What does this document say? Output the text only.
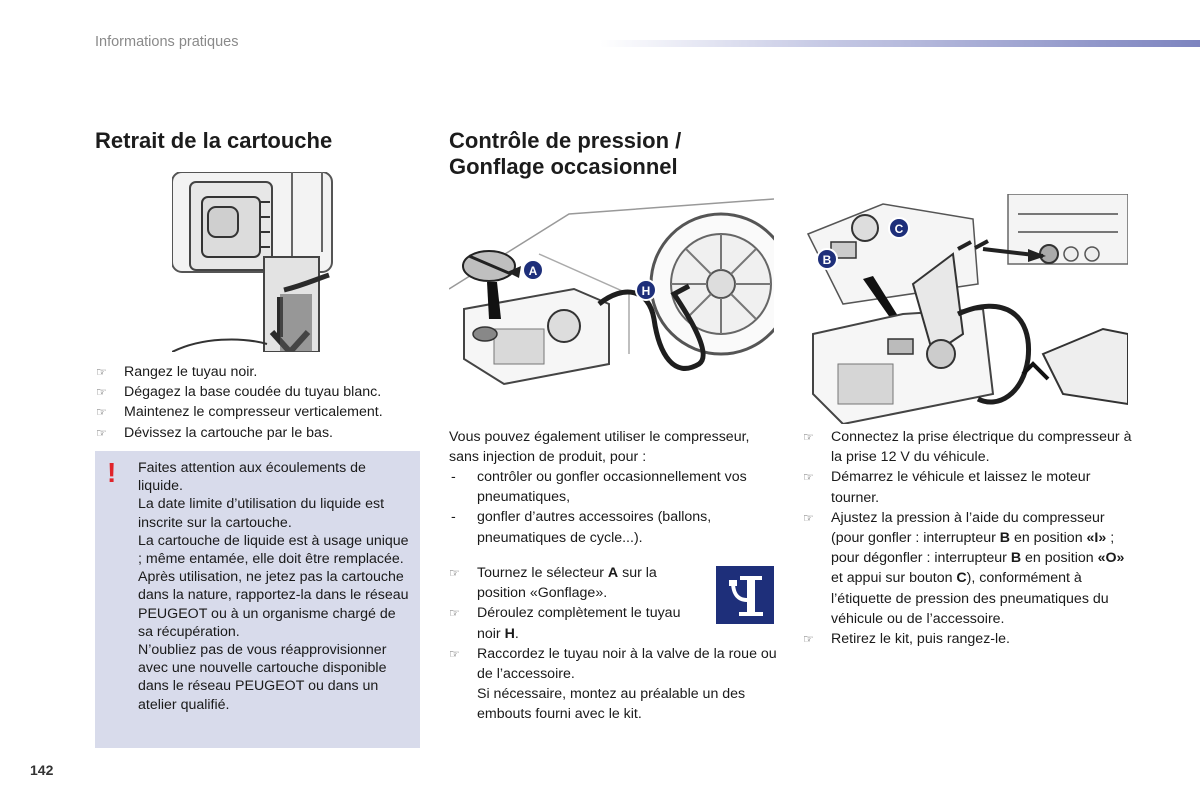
Informations pratiques
Retrait de la cartouche
☞ Rangez le tuyau noir.
☞ Dégagez la base coudée du tuyau blanc.
☞ Maintenez le compresseur verticalement.
☞ Dévissez la cartouche par le bas.
! Faites attention aux écoulements de liquide.

La date limite d’utilisation du liquide est inscrite sur la cartouche.

La cartouche de liquide est à usage unique ; même entamée, elle doit être remplacée.

Après utilisation, ne jetez pas la cartouche dans la nature, rapportez-la dans le réseau PEUGEOT ou à un organisme chargé de sa récupération.

N’oubliez pas de vous réapprovisionner avec une nouvelle cartouche disponible dans le réseau PEUGEOT ou dans un atelier qualifié.

Contrôle de pression /
Gonflage occasionnel
A
H

Vous pouvez également utiliser le compresseur, sans injection de produit, pour :

- contrôler ou gonfler occasionnellement vos pneumatiques,
- gonfler d’autres accessoires (ballons, pneumatiques de cycle...).
☞ Tournez le sélecteur A sur la position «Gonflage».
☞ Déroulez complètement le tuyau noir H.
☞ Raccordez le tuyau noir à la valve de la roue ou de l’accessoire.
Si nécessaire, montez au préalable un des embouts fourni avec le kit.
B
C
☞ Connectez la prise électrique du compresseur à la prise 12 V du véhicule.
☞ Démarrez le véhicule et laissez le moteur tourner.
☞ Ajustez la pression à l’aide du compresseur (pour gonfler : interrupteur B en position «I» ; pour dégonfler : interrupteur B en position «O» et appui sur bouton C), conformément à l’étiquette de pression des pneumatiques du véhicule ou de l’accessoire.
☞ Retirez le kit, puis rangez-le.
142
